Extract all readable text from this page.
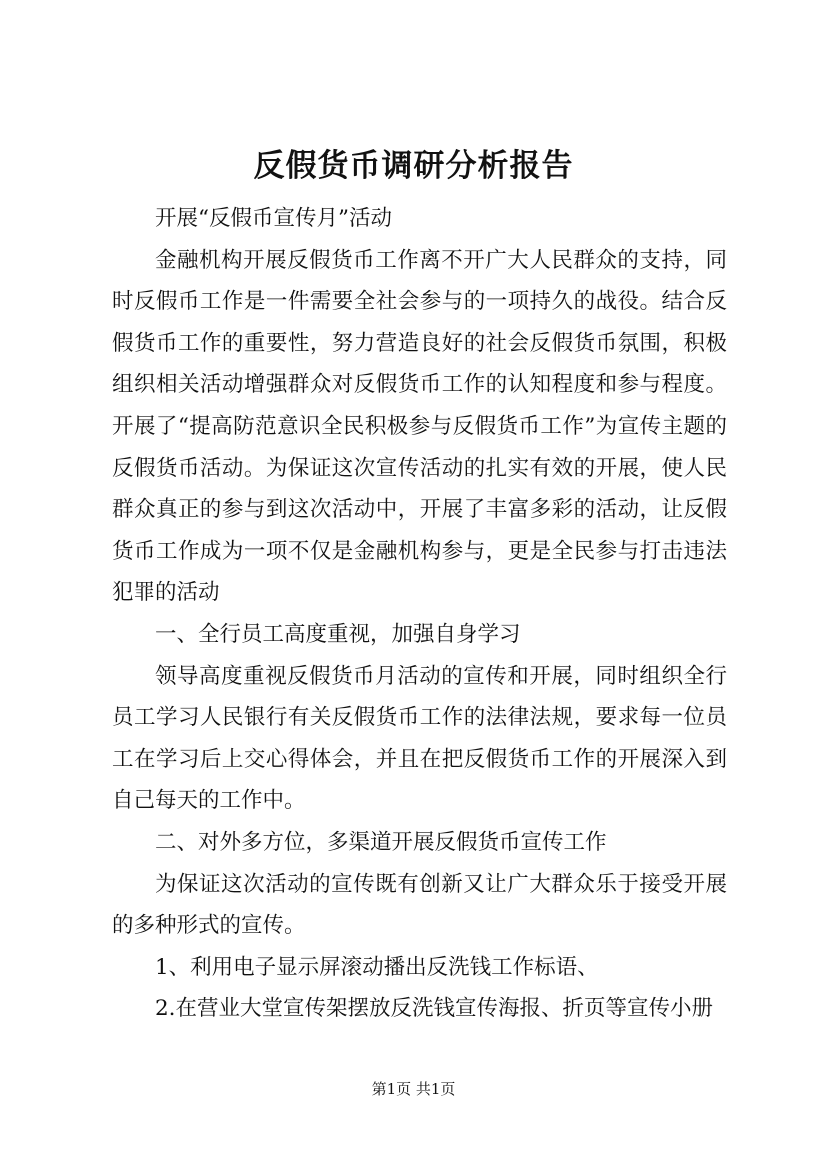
反假货币调研分析报告

开展“反假币宣传月”活动

金融机构开展反假货币工作离不开广大人民群众的支持，同时反假币工作是一件需要全社会参与的一项持久的战役。结合反假货币工作的重要性，努力营造良好的社会反假货币氛围，积极组织相关活动增强群众对反假货币工作的认知程度和参与程度。开展了“提高防范意识全民积极参与反假货币工作”为宣传主题的反假货币活动。为保证这次宣传活动的扎实有效的开展，使人民群众真正的参与到这次活动中，开展了丰富多彩的活动，让反假货币工作成为一项不仅是金融机构参与，更是全民参与打击违法犯罪的活动

一、全行员工高度重视，加强自身学习

领导高度重视反假货币月活动的宣传和开展，同时组织全行员工学习人民银行有关反假货币工作的法律法规，要求每一位员工在学习后上交心得体会，并且在把反假货币工作的开展深入到自己每天的工作中。

二、对外多方位，多渠道开展反假货币宣传工作

为保证这次活动的宣传既有创新又让广大群众乐于接受开展的多种形式的宣传。

1、利用电子显示屏滚动播出反洗钱工作标语、

2.在营业大堂宣传架摆放反洗钱宣传海报、折页等宣传小册

第1页 共1页
